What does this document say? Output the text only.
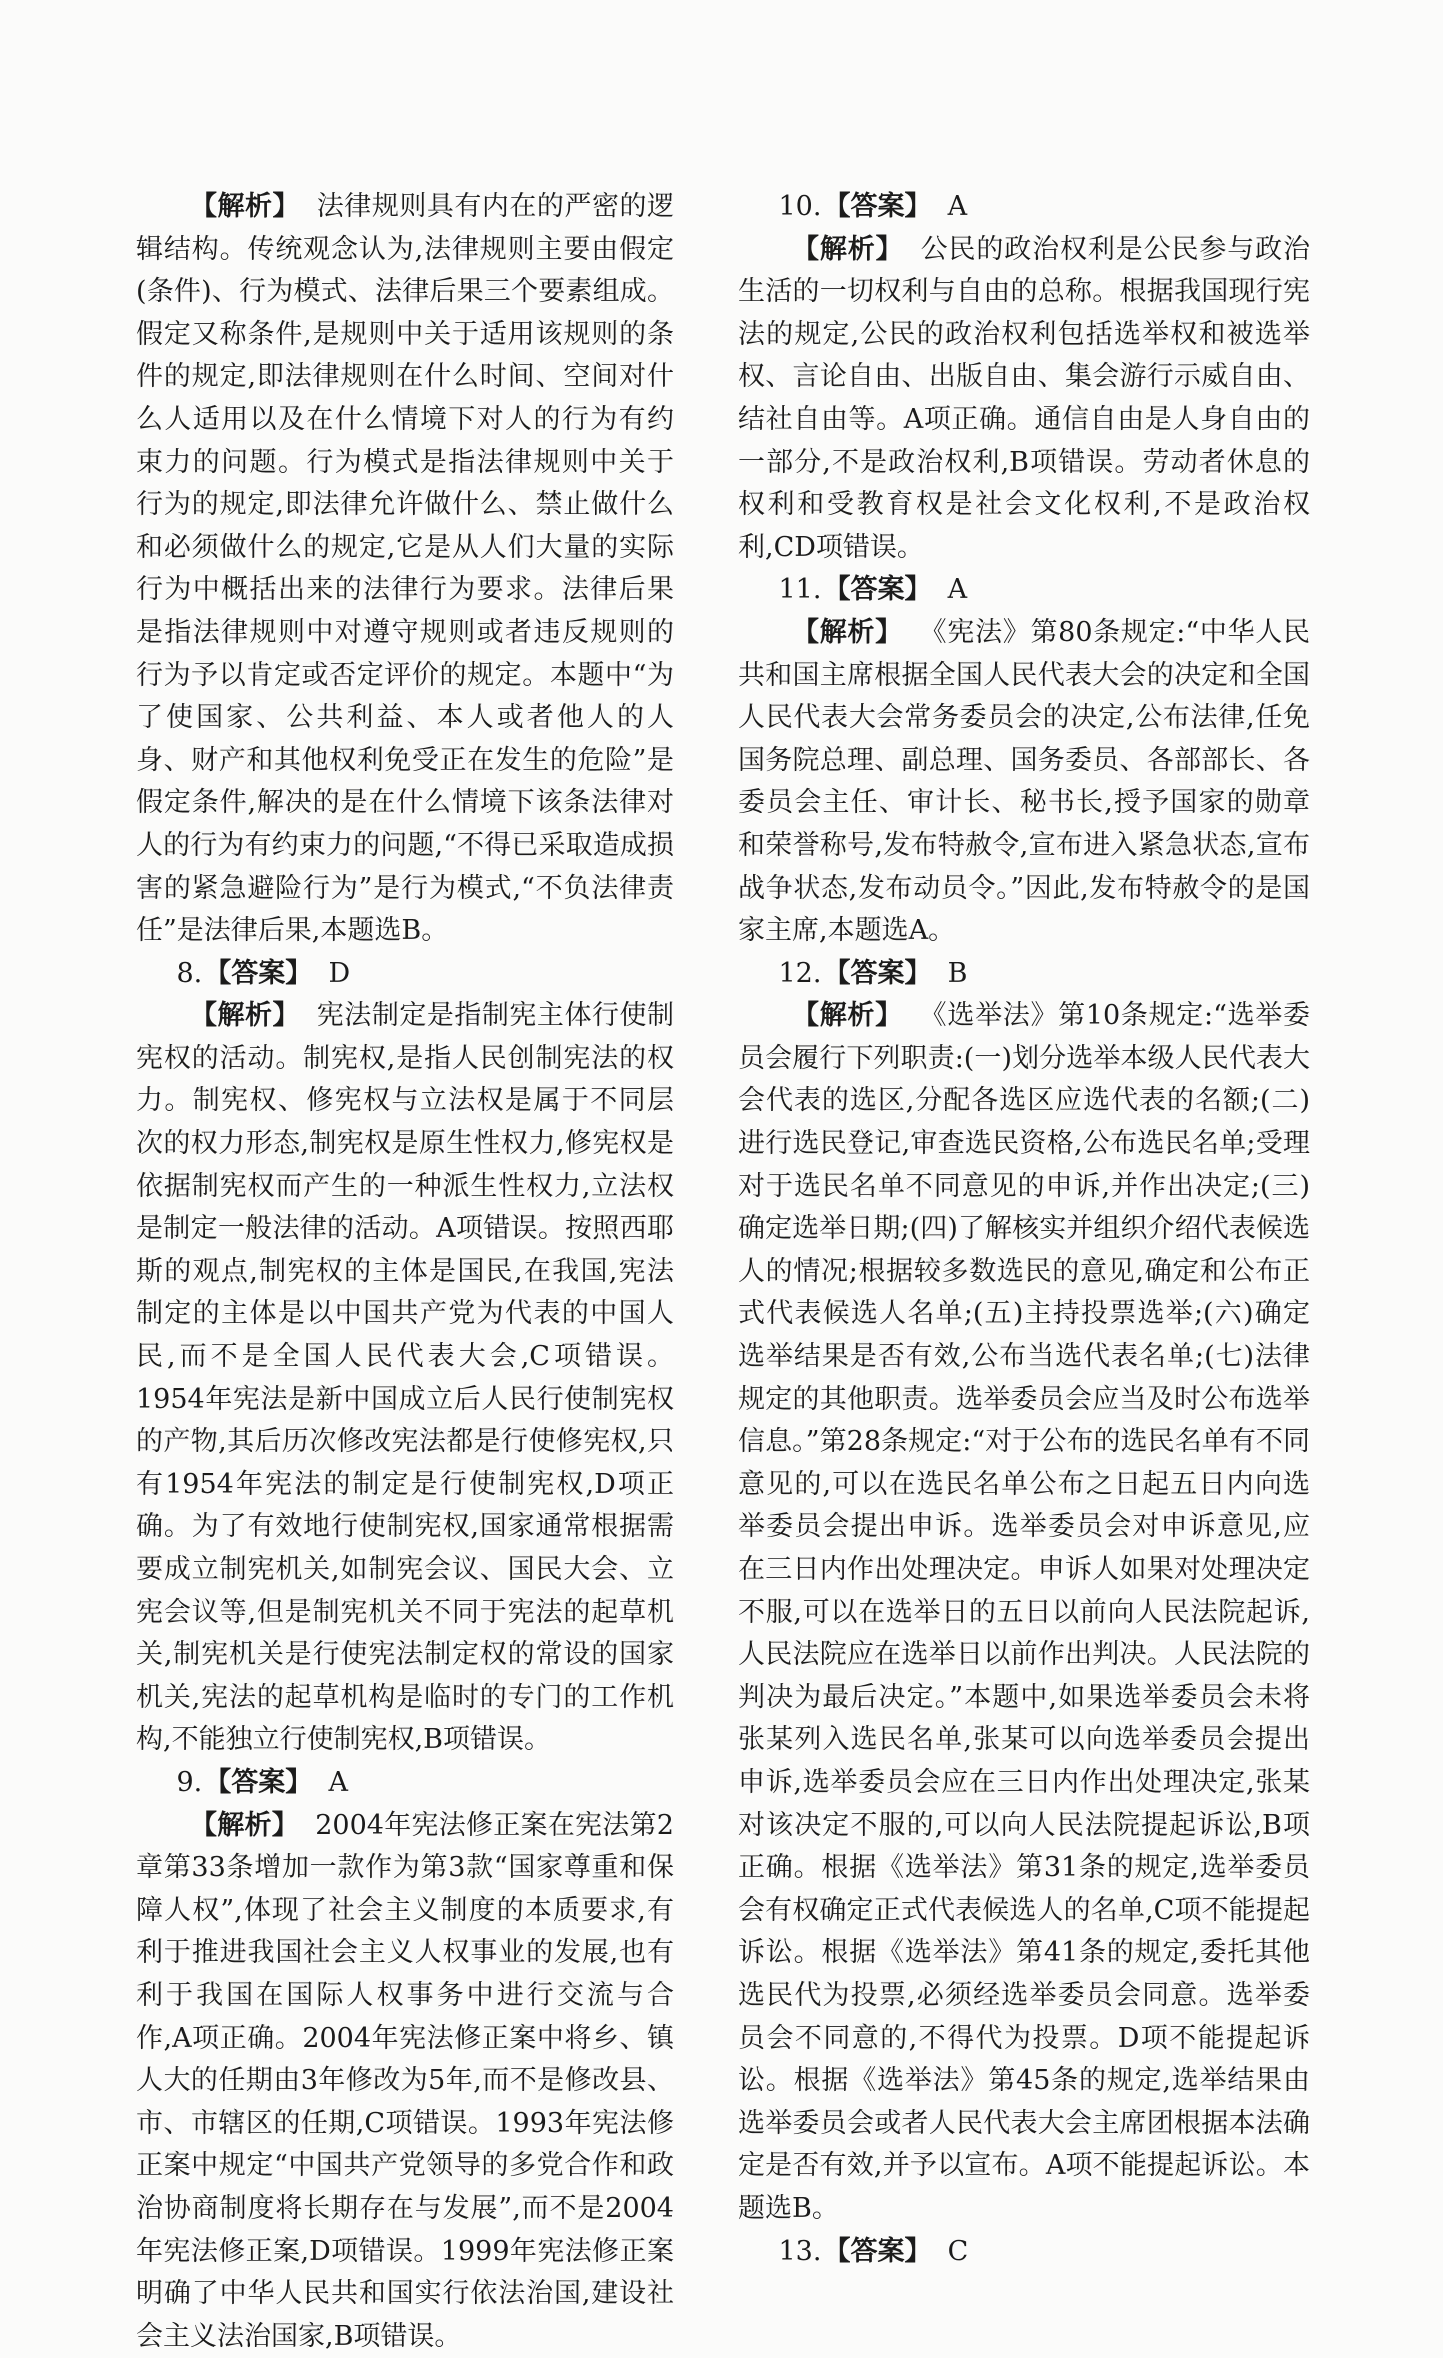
【解析】 法律规则具有内在的严密的逻辑结构。传统观念认为,法律规则主要由假定(条件)、行为模式、法律后果三个要素组成。假定又称条件,是规则中关于适用该规则的条件的规定,即法律规则在什么时间、空间对什么人适用以及在什么情境下对人的行为有约束力的问题。行为模式是指法律规则中关于行为的规定,即法律允许做什么、禁止做什么和必须做什么的规定,它是从人们大量的实际行为中概括出来的法律行为要求。法律后果是指法律规则中对遵守规则或者违反规则的行为予以肯定或否定评价的规定。本题中“为了使国家、公共利益、本人或者他人的人身、财产和其他权利免受正在发生的危险”是假定条件,解决的是在什么情境下该条法律对人的行为有约束力的问题,“不得已采取造成损害的紧急避险行为”是行为模式,“不负法律责任”是法律后果,本题选B。

8.【答案】 D

【解析】 宪法制定是指制宪主体行使制宪权的活动。制宪权,是指人民创制宪法的权力。制宪权、修宪权与立法权是属于不同层次的权力形态,制宪权是原生性权力,修宪权是依据制宪权而产生的一种派生性权力,立法权是制定一般法律的活动。A项错误。按照西耶斯的观点,制宪权的主体是国民,在我国,宪法制定的主体是以中国共产党为代表的中国人民,而不是全国人民代表大会,C项错误。1954年宪法是新中国成立后人民行使制宪权的产物,其后历次修改宪法都是行使修宪权,只有1954年宪法的制定是行使制宪权,D项正确。为了有效地行使制宪权,国家通常根据需要成立制宪机关,如制宪会议、国民大会、立宪会议等,但是制宪机关不同于宪法的起草机关,制宪机关是行使宪法制定权的常设的国家机关,宪法的起草机构是临时的专门的工作机构,不能独立行使制宪权,B项错误。

9.【答案】 A

【解析】 2004年宪法修正案在宪法第2章第33条增加一款作为第3款“国家尊重和保障人权”,体现了社会主义制度的本质要求,有利于推进我国社会主义人权事业的发展,也有利于我国在国际人权事务中进行交流与合作,A项正确。2004年宪法修正案中将乡、镇人大的任期由3年修改为5年,而不是修改县、市、市辖区的任期,C项错误。1993年宪法修正案中规定“中国共产党领导的多党合作和政治协商制度将长期存在与发展”,而不是2004年宪法修正案,D项错误。1999年宪法修正案明确了中华人民共和国实行依法治国,建设社会主义法治国家,B项错误。

10.【答案】 A

【解析】 公民的政治权利是公民参与政治生活的一切权利与自由的总称。根据我国现行宪法的规定,公民的政治权利包括选举权和被选举权、言论自由、出版自由、集会游行示威自由、结社自由等。A项正确。通信自由是人身自由的一部分,不是政治权利,B项错误。劳动者休息的权利和受教育权是社会文化权利,不是政治权利,CD项错误。

11.【答案】 A

【解析】 《宪法》第80条规定:“中华人民共和国主席根据全国人民代表大会的决定和全国人民代表大会常务委员会的决定,公布法律,任免国务院总理、副总理、国务委员、各部部长、各委员会主任、审计长、秘书长,授予国家的勋章和荣誉称号,发布特赦令,宣布进入紧急状态,宣布战争状态,发布动员令。”因此,发布特赦令的是国家主席,本题选A。

12.【答案】 B

【解析】 《选举法》第10条规定:“选举委员会履行下列职责:(一)划分选举本级人民代表大会代表的选区,分配各选区应选代表的名额;(二)进行选民登记,审查选民资格,公布选民名单;受理对于选民名单不同意见的申诉,并作出决定;(三)确定选举日期;(四)了解核实并组织介绍代表候选人的情况;根据较多数选民的意见,确定和公布正式代表候选人名单;(五)主持投票选举;(六)确定选举结果是否有效,公布当选代表名单;(七)法律规定的其他职责。选举委员会应当及时公布选举信息。”第28条规定:“对于公布的选民名单有不同意见的,可以在选民名单公布之日起五日内向选举委员会提出申诉。选举委员会对申诉意见,应在三日内作出处理决定。申诉人如果对处理决定不服,可以在选举日的五日以前向人民法院起诉,人民法院应在选举日以前作出判决。人民法院的判决为最后决定。”本题中,如果选举委员会未将张某列入选民名单,张某可以向选举委员会提出申诉,选举委员会应在三日内作出处理决定,张某对该决定不服的,可以向人民法院提起诉讼,B项正确。根据《选举法》第31条的规定,选举委员会有权确定正式代表候选人的名单,C项不能提起诉讼。根据《选举法》第41条的规定,委托其他选民代为投票,必须经选举委员会同意。选举委员会不同意的,不得代为投票。D项不能提起诉讼。根据《选举法》第45条的规定,选举结果由选举委员会或者人民代表大会主席团根据本法确定是否有效,并予以宣布。A项不能提起诉讼。本题选B。

13.【答案】 C
